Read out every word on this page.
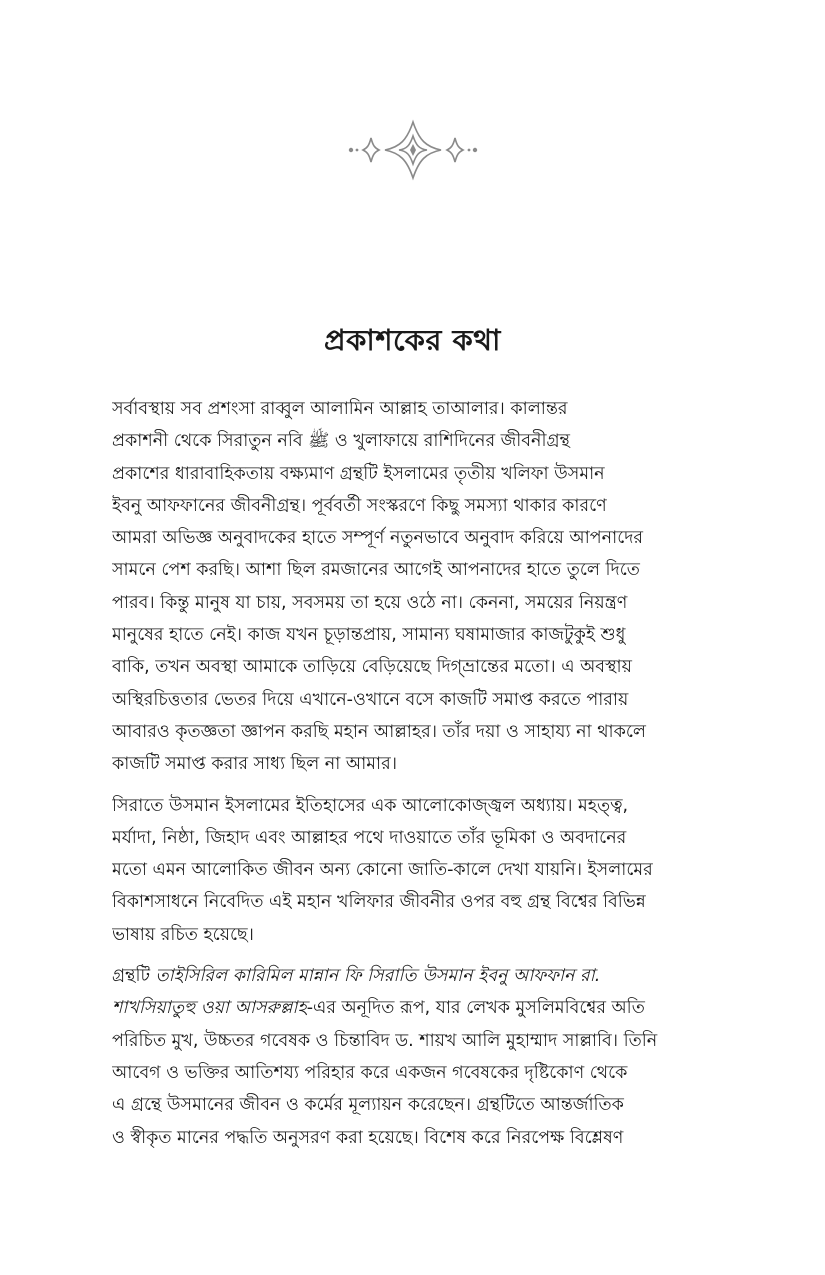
প্রকাশকের কথা

সর্বাবস্থায় সব প্রশংসা রাব্বুল আলামিন আল্লাহ তাআলার। কালান্তর
প্রকাশনী থেকে সিরাতুন নবি ﷺ ও খুলাফায়ে রাশিদিনের জীবনীগ্রন্থ
প্রকাশের ধারাবাহিকতায় বক্ষ্যমাণ গ্রন্থটি ইসলামের তৃতীয় খলিফা উসমান
ইবনু আফফানের জীবনীগ্রন্থ। পূর্ববর্তী সংস্করণে কিছু সমস্যা থাকার কারণে
আমরা অভিজ্ঞ অনুবাদকের হাতে সম্পূর্ণ নতুনভাবে অনুবাদ করিয়ে আপনাদের
সামনে পেশ করছি। আশা ছিল রমজানের আগেই আপনাদের হাতে তুলে দিতে
পারব। কিন্তু মানুষ যা চায়, সবসময় তা হয়ে ওঠে না। কেননা, সময়ের নিয়ন্ত্রণ
মানুষের হাতে নেই। কাজ যখন চূড়ান্তপ্রায়, সামান্য ঘষামাজার কাজটুকুই শুধু
বাকি, তখন অবস্থা আমাকে তাড়িয়ে বেড়িয়েছে দিগ্‌ভ্রান্তের মতো। এ অবস্থায়
অস্থিরচিত্ততার ভেতর দিয়ে এখানে-ওখানে বসে কাজটি সমাপ্ত করতে পারায়
আবারও কৃতজ্ঞতা জ্ঞাপন করছি মহান আল্লাহর। তাঁর দয়া ও সাহায্য না থাকলে
কাজটি সমাপ্ত করার সাধ্য ছিল না আমার।

সিরাতে উসমান ইসলামের ইতিহাসের এক আলোকোজ্জ্বল অধ্যায়। মহত্ত্ব,
মর্যাদা, নিষ্ঠা, জিহাদ এবং আল্লাহর পথে দাওয়াতে তাঁর ভূমিকা ও অবদানের
মতো এমন আলোকিত জীবন অন্য কোনো জাতি-কালে দেখা যায়নি। ইসলামের
বিকাশসাধনে নিবেদিত এই মহান খলিফার জীবনীর ওপর বহু গ্রন্থ বিশ্বের বিভিন্ন
ভাষায় রচিত হয়েছে।

গ্রন্থটি তাইসিরিল কারিমিল মান্নান ফি সিরাতি উসমান ইবনু আফফান রা.
শাখসিয়াতুহু ওয়া আসরুল্লাহ-এর অনূদিত রূপ, যার লেখক মুসলিমবিশ্বের অতি
পরিচিত মুখ, উচ্চতর গবেষক ও চিন্তাবিদ ড. শায়খ আলি মুহাম্মাদ সাল্লাবি। তিনি
আবেগ ও ভক্তির আতিশয্য পরিহার করে একজন গবেষকের দৃষ্টিকোণ থেকে
এ গ্রন্থে উসমানের জীবন ও কর্মের মূল্যায়ন করেছেন। গ্রন্থটিতে আন্তর্জাতিক
ও স্বীকৃত মানের পদ্ধতি অনুসরণ করা হয়েছে। বিশেষ করে নিরপেক্ষ বিশ্লেষণ
